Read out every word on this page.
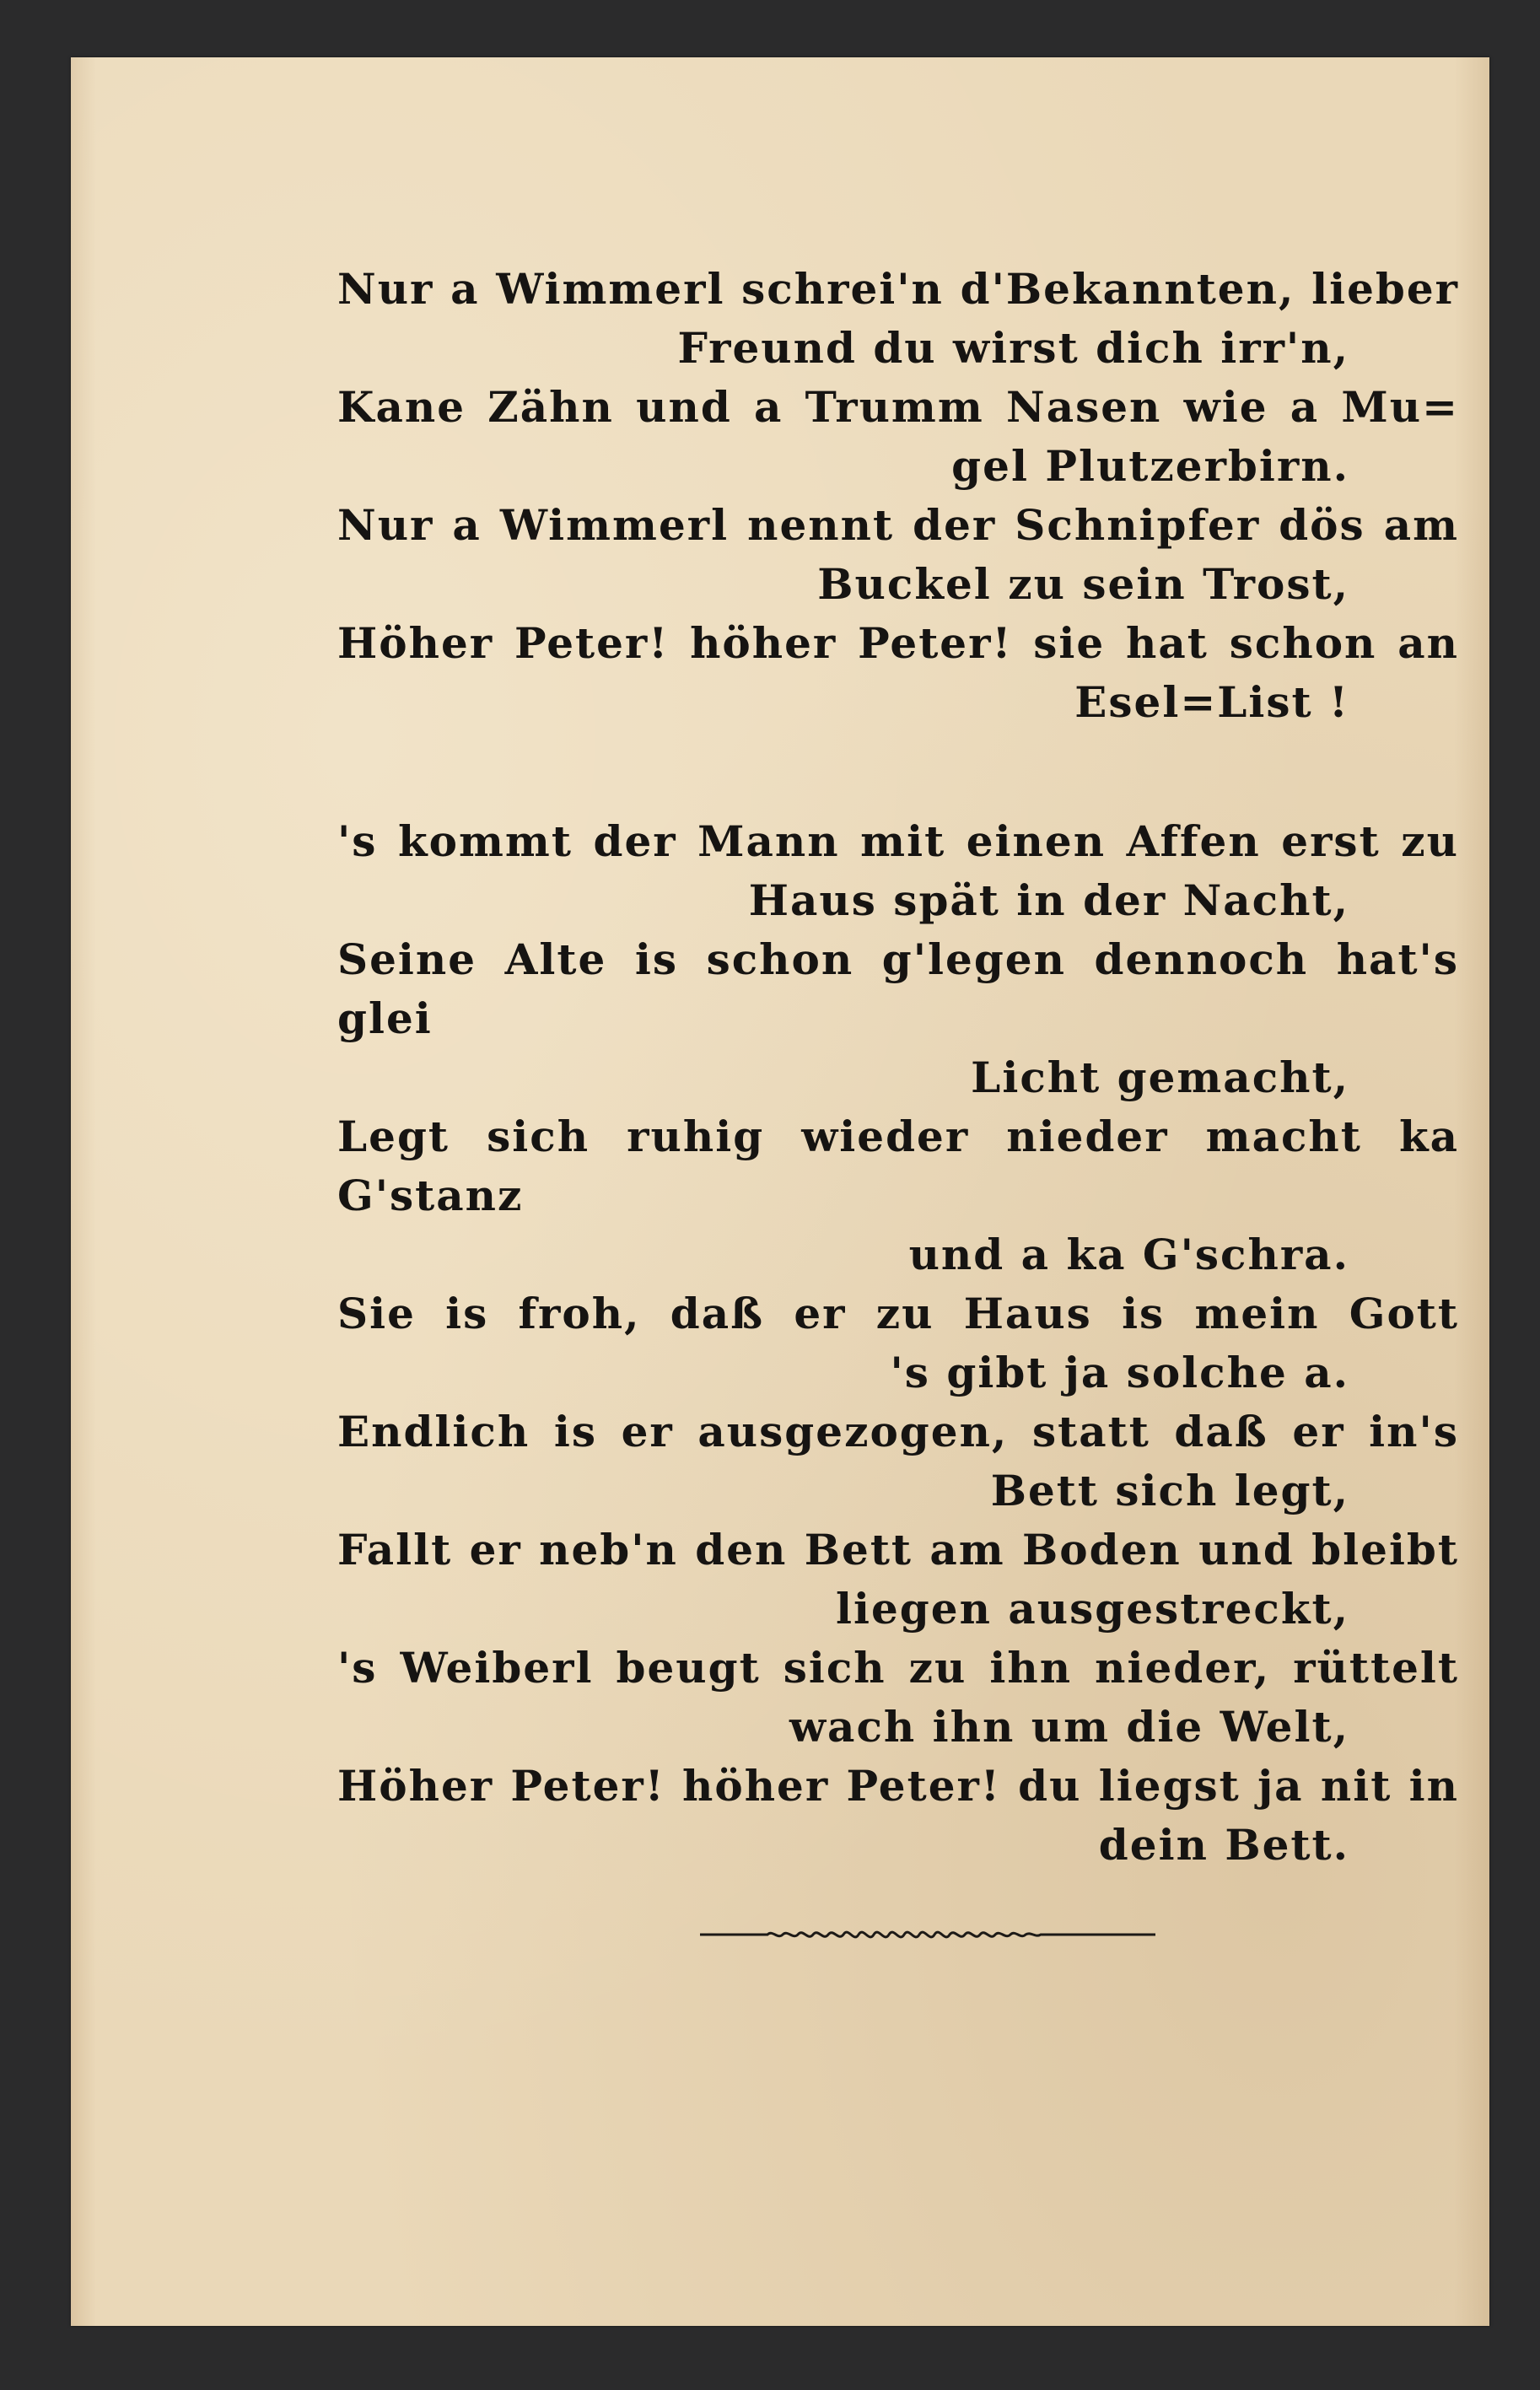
Nur a Wimmerl schrei'n d'Bekannten, lieber
Freund du wirst dich irr'n,
Kane Zähn und a Trumm Nasen wie a Mu=
gel Plutzerbirn.
Nur a Wimmerl nennt der Schnipfer dös am
Buckel zu sein Trost,
Höher Peter! höher Peter! sie hat schon an
Esel=List !
's kommt der Mann mit einen Affen erst zu
Haus spät in der Nacht,
Seine Alte is schon g'legen dennoch hat's glei
Licht gemacht,
Legt sich ruhig wieder nieder macht ka G'stanz
und a ka G'schra.
Sie is froh, daß er zu Haus is mein Gott
's gibt ja solche a.
Endlich is er ausgezogen, statt daß er in's
Bett sich legt,
Fallt er neb'n den Bett am Boden und bleibt
liegen ausgestreckt,
's Weiberl beugt sich zu ihn nieder, rüttelt
wach ihn um die Welt,
Höher Peter! höher Peter! du liegst ja nit in
dein Bett.
